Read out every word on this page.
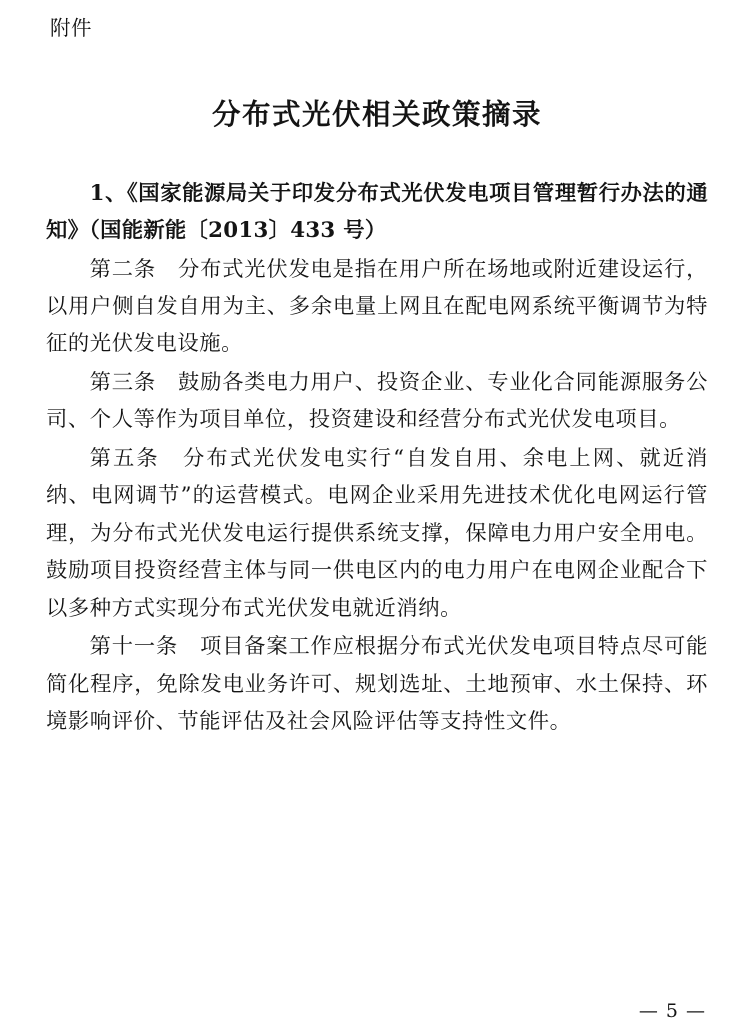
附件
分布式光伏相关政策摘录

1、《国家能源局关于印发分布式光伏发电项目管理暂行办法的通知》（国能新能〔2013〕433 号）

第二条　分布式光伏发电是指在用户所在场地或附近建设运行，以用户侧自发自用为主、多余电量上网且在配电网系统平衡调节为特征的光伏发电设施。

第三条　鼓励各类电力用户、投资企业、专业化合同能源服务公司、个人等作为项目单位，投资建设和经营分布式光伏发电项目。

第五条　分布式光伏发电实行“自发自用、余电上网、就近消纳、电网调节”的运营模式。电网企业采用先进技术优化电网运行管理，为分布式光伏发电运行提供系统支撑，保障电力用户安全用电。鼓励项目投资经营主体与同一供电区内的电力用户在电网企业配合下以多种方式实现分布式光伏发电就近消纳。

第十一条　项目备案工作应根据分布式光伏发电项目特点尽可能简化程序，免除发电业务许可、规划选址、土地预审、水土保持、环境影响评价、节能评估及社会风险评估等支持性文件。

— 5 —
